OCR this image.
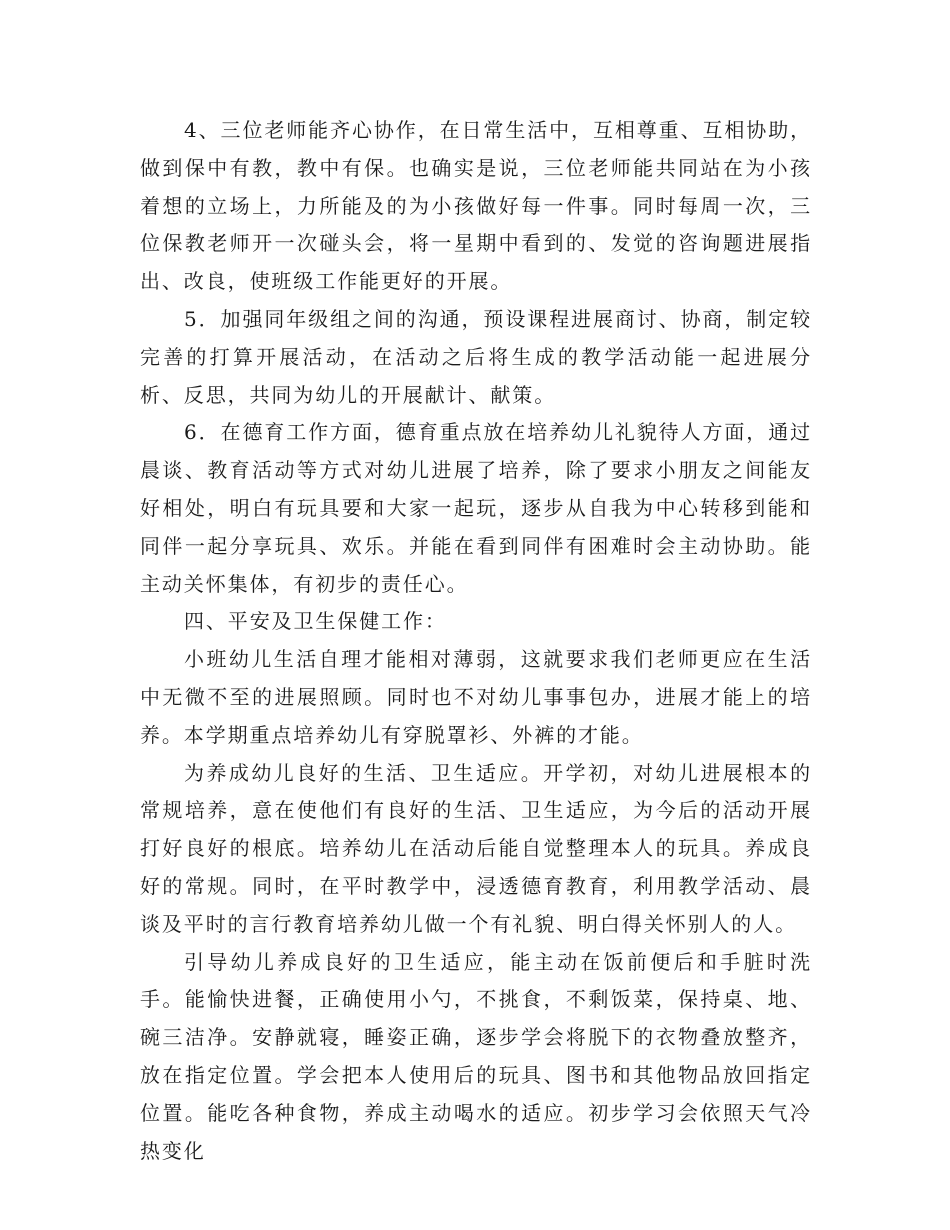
4、三位老师能齐心协作，在日常生活中，互相尊重、互相协助，做到保中有教，教中有保。也确实是说，三位老师能共同站在为小孩着想的立场上，力所能及的为小孩做好每一件事。同时每周一次，三位保教老师开一次碰头会，将一星期中看到的、发觉的咨询题进展指出、改良，使班级工作能更好的开展。

5．加强同年级组之间的沟通，预设课程进展商讨、协商，制定较完善的打算开展活动，在活动之后将生成的教学活动能一起进展分析、反思，共同为幼儿的开展献计、献策。

6．在德育工作方面，德育重点放在培养幼儿礼貌待人方面，通过晨谈、教育活动等方式对幼儿进展了培养，除了要求小朋友之间能友好相处，明白有玩具要和大家一起玩，逐步从自我为中心转移到能和同伴一起分享玩具、欢乐。并能在看到同伴有困难时会主动协助。能主动关怀集体，有初步的责任心。

四、平安及卫生保健工作：

小班幼儿生活自理才能相对薄弱，这就要求我们老师更应在生活中无微不至的进展照顾。同时也不对幼儿事事包办，进展才能上的培养。本学期重点培养幼儿有穿脱罩衫、外裤的才能。

为养成幼儿良好的生活、卫生适应。开学初，对幼儿进展根本的常规培养，意在使他们有良好的生活、卫生适应，为今后的活动开展打好良好的根底。培养幼儿在活动后能自觉整理本人的玩具。养成良好的常规。同时，在平时教学中，浸透德育教育，利用教学活动、晨谈及平时的言行教育培养幼儿做一个有礼貌、明白得关怀别人的人。

引导幼儿养成良好的卫生适应，能主动在饭前便后和手脏时洗手。能愉快进餐，正确使用小勺，不挑食，不剩饭菜，保持桌、地、碗三洁净。安静就寝，睡姿正确，逐步学会将脱下的衣物叠放整齐，放在指定位置。学会把本人使用后的玩具、图书和其他物品放回指定位置。能吃各种食物，养成主动喝水的适应。初步学习会依照天气冷热变化
